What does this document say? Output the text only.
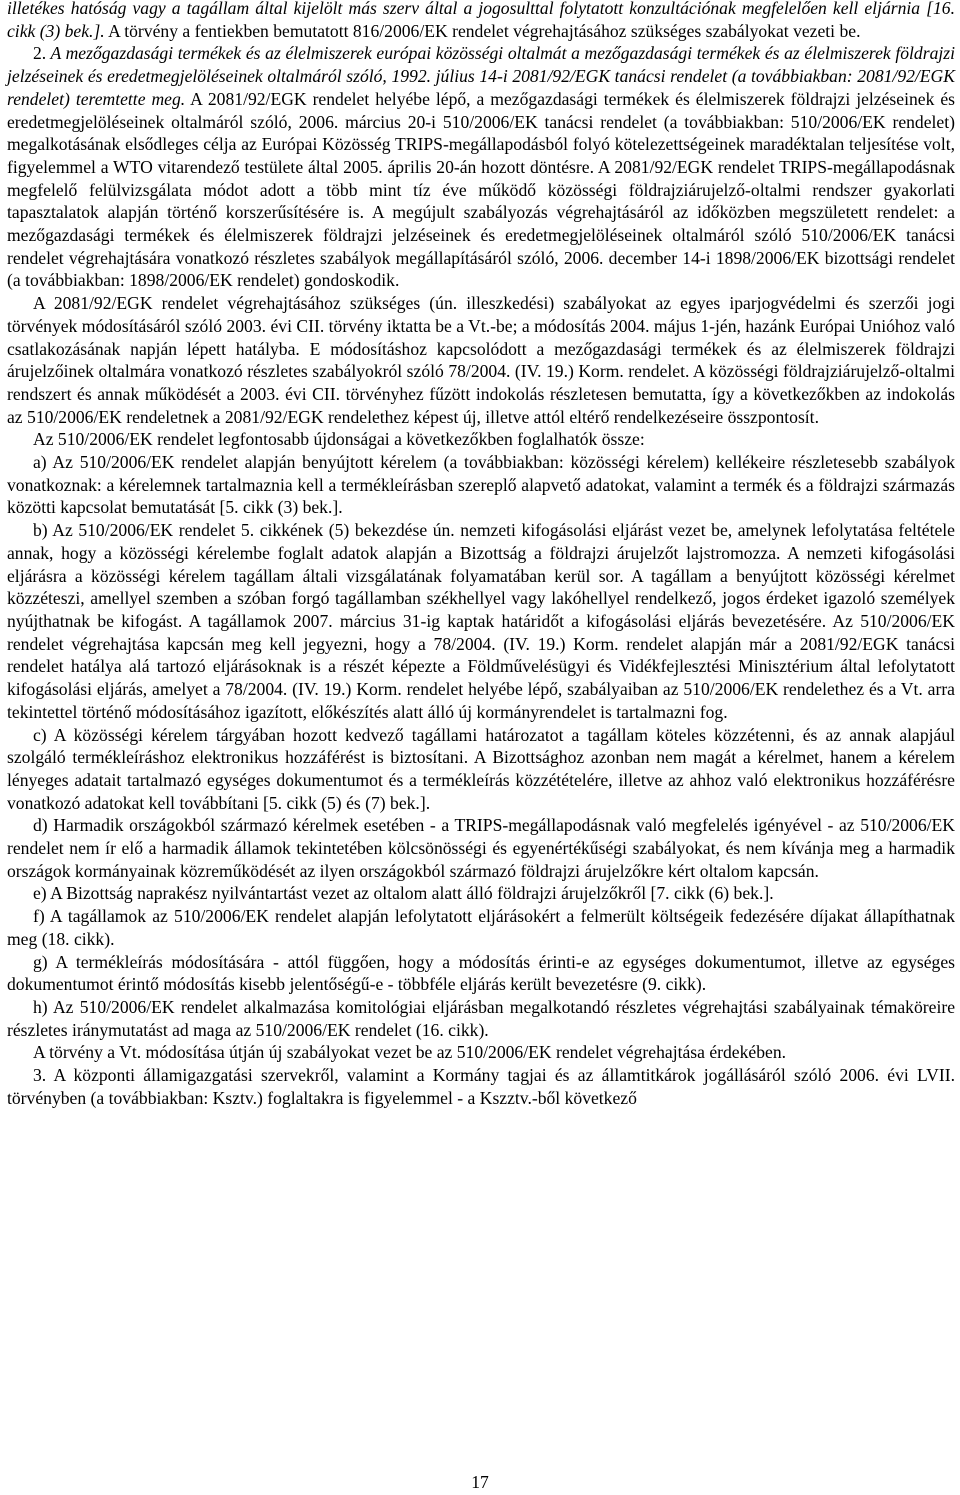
illetékes hatóság vagy a tagállam által kijelölt más szerv által a jogosulttal folytatott konzultációnak megfelelően kell eljárnia [16. cikk (3) bek.]. A törvény a fentiekben bemutatott 816/2006/EK rendelet végrehajtásához szükséges szabályokat vezeti be.

2. A mezőgazdasági termékek és az élelmiszerek európai közösségi oltalmát a mezőgazdasági termékek és az élelmiszerek földrajzi jelzéseinek és eredetmegjelöléseinek oltalmáról szóló, 1992. július 14-i 2081/92/EGK tanácsi rendelet (a továbbiakban: 2081/92/EGK rendelet) teremtette meg. A 2081/92/EGK rendelet helyébe lépő, a mezőgazdasági termékek és élelmiszerek földrajzi jelzéseinek és eredetmegjelöléseinek oltalmáról szóló, 2006. március 20-i 510/2006/EK tanácsi rendelet (a továbbiakban: 510/2006/EK rendelet) megalkotásának elsődleges célja az Európai Közösség TRIPS-megállapodásból folyó kötelezettségeinek maradéktalan teljesítése volt, figyelemmel a WTO vitarendező testülete által 2005. április 20-án hozott döntésre. A 2081/92/EGK rendelet TRIPS-megállapodásnak megfelelő felülvizsgálata módot adott a több mint tíz éve működő közösségi földrajziárujelző-oltalmi rendszer gyakorlati tapasztalatok alapján történő korszerűsítésére is. A megújult szabályozás végrehajtásáról az időközben megszületett rendelet: a mezőgazdasági termékek és élelmiszerek földrajzi jelzéseinek és eredetmegjelöléseinek oltalmáról szóló 510/2006/EK tanácsi rendelet végrehajtására vonatkozó részletes szabályok megállapításáról szóló, 2006. december 14-i 1898/2006/EK bizottsági rendelet (a továbbiakban: 1898/2006/EK rendelet) gondoskodik.

A 2081/92/EGK rendelet végrehajtásához szükséges (ún. illeszkedési) szabályokat az egyes iparjogvédelmi és szerzői jogi törvények módosításáról szóló 2003. évi CII. törvény iktatta be a Vt.-be; a módosítás 2004. május 1-jén, hazánk Európai Unióhoz való csatlakozásának napján lépett hatályba. E módosításhoz kapcsolódott a mezőgazdasági termékek és az élelmiszerek földrajzi árujelzőinek oltalmára vonatkozó részletes szabályokról szóló 78/2004. (IV. 19.) Korm. rendelet. A közösségi földrajziárujelző-oltalmi rendszert és annak működését a 2003. évi CII. törvényhez fűzött indokolás részletesen bemutatta, így a következőkben az indokolás az 510/2006/EK rendeletnek a 2081/92/EGK rendelethez képest új, illetve attól eltérő rendelkezéseire összpontosít.

Az 510/2006/EK rendelet legfontosabb újdonságai a következőkben foglalhatók össze:

a) Az 510/2006/EK rendelet alapján benyújtott kérelem (a továbbiakban: közösségi kérelem) kellékeire részletesebb szabályok vonatkoznak: a kérelemnek tartalmaznia kell a termékleírásban szereplő alapvető adatokat, valamint a termék és a földrajzi származás közötti kapcsolat bemutatását [5. cikk (3) bek.].

b) Az 510/2006/EK rendelet 5. cikkének (5) bekezdése ún. nemzeti kifogásolási eljárást vezet be, amelynek lefolytatása feltétele annak, hogy a közösségi kérelembe foglalt adatok alapján a Bizottság a földrajzi árujelzőt lajstromozza. A nemzeti kifogásolási eljárásra a közösségi kérelem tagállam általi vizsgálatának folyamatában kerül sor. A tagállam a benyújtott közösségi kérelmet közzéteszi, amellyel szemben a szóban forgó tagállamban székhellyel vagy lakóhellyel rendelkező, jogos érdeket igazoló személyek nyújthatnak be kifogást. A tagállamok 2007. március 31-ig kaptak határidőt a kifogásolási eljárás bevezetésére. Az 510/2006/EK rendelet végrehajtása kapcsán meg kell jegyezni, hogy a 78/2004. (IV. 19.) Korm. rendelet alapján már a 2081/92/EGK tanácsi rendelet hatálya alá tartozó eljárásoknak is a részét képezte a Földművelésügyi és Vidékfejlesztési Minisztérium által lefolytatott kifogásolási eljárás, amelyet a 78/2004. (IV. 19.) Korm. rendelet helyébe lépő, szabályaiban az 510/2006/EK rendelethez és a Vt. arra tekintettel történő módosításához igazított, előkészítés alatt álló új kormányrendelet is tartalmazni fog.

c) A közösségi kérelem tárgyában hozott kedvező tagállami határozatot a tagállam köteles közzétenni, és az annak alapjául szolgáló termékleíráshoz elektronikus hozzáférést is biztosítani. A Bizottsághoz azonban nem magát a kérelmet, hanem a kérelem lényeges adatait tartalmazó egységes dokumentumot és a termékleírás közzétételére, illetve az ahhoz való elektronikus hozzáférésre vonatkozó adatokat kell továbbítani [5. cikk (5) és (7) bek.].

d) Harmadik országokból származó kérelmek esetében - a TRIPS-megállapodásnak való megfelelés igényével - az 510/2006/EK rendelet nem ír elő a harmadik államok tekintetében kölcsönösségi és egyenértékűségi szabályokat, és nem kívánja meg a harmadik országok kormányainak közreműködését az ilyen országokból származó földrajzi árujelzőkre kért oltalom kapcsán.

e) A Bizottság naprakész nyilvántartást vezet az oltalom alatt álló földrajzi árujelzőkről [7. cikk (6) bek.].

f) A tagállamok az 510/2006/EK rendelet alapján lefolytatott eljárásokért a felmerült költségeik fedezésére díjakat állapíthatnak meg (18. cikk).

g) A termékleírás módosítására - attól függően, hogy a módosítás érinti-e az egységes dokumentumot, illetve az egységes dokumentumot érintő módosítás kisebb jelentőségű-e - többféle eljárás került bevezetésre (9. cikk).

h) Az 510/2006/EK rendelet alkalmazása komitológiai eljárásban megalkotandó részletes végrehajtási szabályainak témaköreire részletes iránymutatást ad maga az 510/2006/EK rendelet (16. cikk).

A törvény a Vt. módosítása útján új szabályokat vezet be az 510/2006/EK rendelet végrehajtása érdekében.

3. A központi államigazgatási szervekről, valamint a Kormány tagjai és az államtitkárok jogállásáról szóló 2006. évi LVII. törvényben (a továbbiakban: Ksztv.) foglaltakra is figyelemmel - a Kszztv.-ből következő

17
